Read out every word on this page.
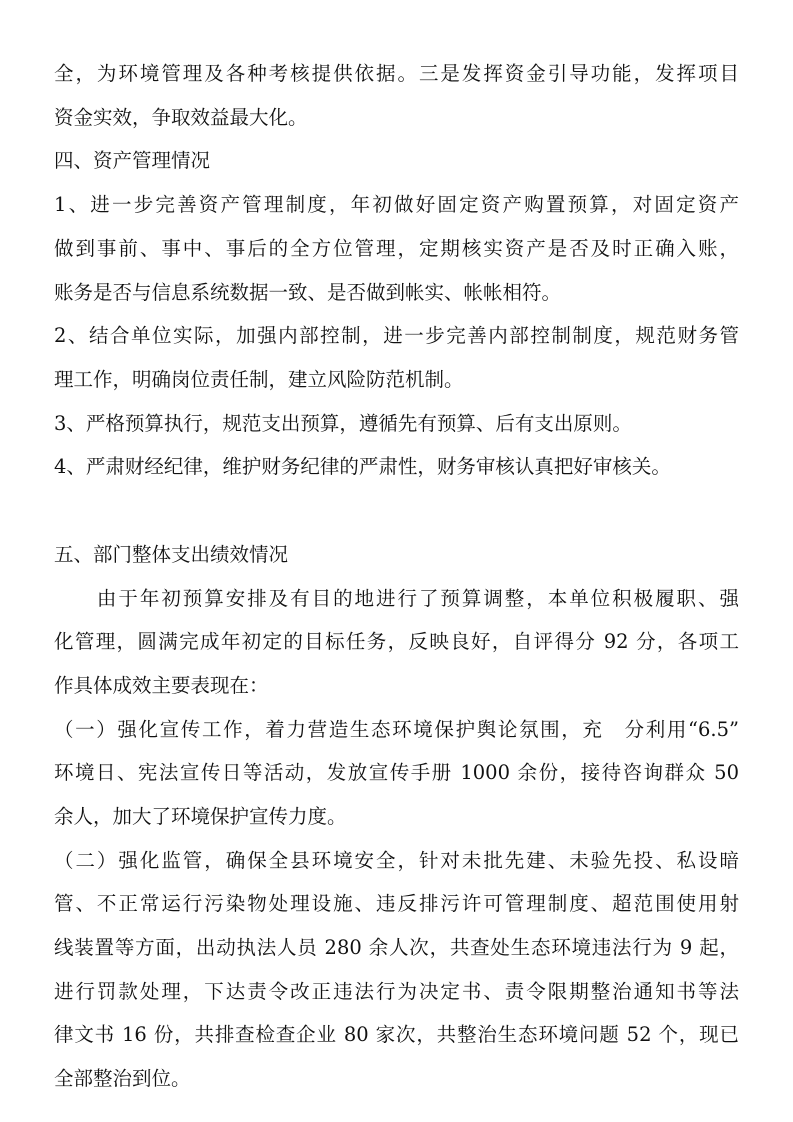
全，为环境管理及各种考核提供依据。三是发挥资金引导功能，发挥项目
资金实效，争取效益最大化。
四、资产管理情况
1、进一步完善资产管理制度，年初做好固定资产购置预算，对固定资产
做到事前、事中、事后的全方位管理，定期核实资产是否及时正确入账，
账务是否与信息系统数据一致、是否做到帐实、帐帐相符。
2、结合单位实际，加强内部控制，进一步完善内部控制制度，规范财务管
理工作，明确岗位责任制，建立风险防范机制。
3、严格预算执行，规范支出预算，遵循先有预算、后有支出原则。
4、严肃财经纪律，维护财务纪律的严肃性，财务审核认真把好审核关。
五、部门整体支出绩效情况
　　由于年初预算安排及有目的地进行了预算调整，本单位积极履职、强
化管理，圆满完成年初定的目标任务，反映良好，自评得分 92 分，各项工
作具体成效主要表现在：
（一）强化宣传工作，着力营造生态环境保护舆论氛围，充　分利用“6.5”
环境日、宪法宣传日等活动，发放宣传手册 1000 余份，接待咨询群众 50
余人，加大了环境保护宣传力度。
（二）强化监管，确保全县环境安全，针对未批先建、未验先投、私设暗
管、不正常运行污染物处理设施、违反排污许可管理制度、超范围使用射
线装置等方面，出动执法人员 280 余人次，共查处生态环境违法行为 9 起，
进行罚款处理，下达责令改正违法行为决定书、责令限期整治通知书等法
律文书 16 份，共排查检查企业 80 家次，共整治生态环境问题 52 个，现已
全部整治到位。
